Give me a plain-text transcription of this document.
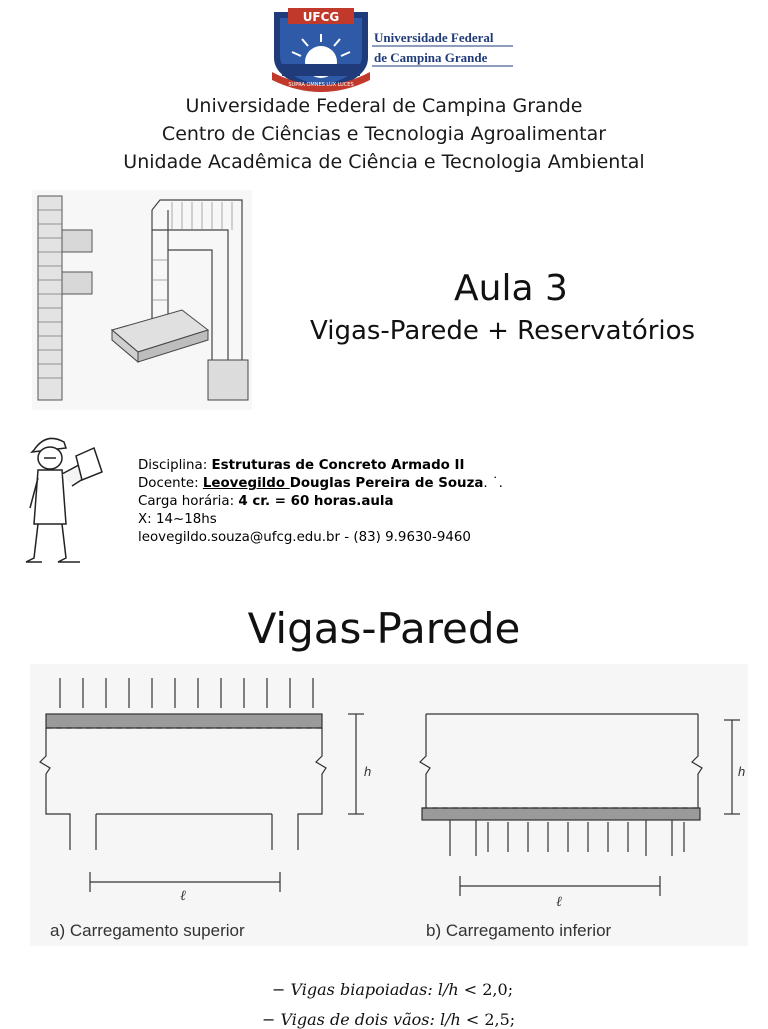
SUPRA OMNES LUX LUCES
UFCG
Universidade Federal
de Campina Grande
Universidade Federal de Campina Grande
Centro de Ciências e Tecnologia Agroalimentar
Unidade Acadêmica de Ciência e Tecnologia Ambiental
Aula 3
Vigas-Parede + Reservatórios
Disciplina: Estruturas de Concreto Armado II
Docente: Leovegildo Douglas Pereira de Souza. ˙.
Carga horária: 4 cr. = 60 horas.aula
X: 14~18hs
leovegildo.souza@ufcg.edu.br - (83) 9.9630-9460
Vigas-Parede
h	h
ℓ	ℓ
a) Carregamento superior	b) Carregamento inferior
− Vigas biapoiadas: l/h < 2,0;
− Vigas de dois vãos: l/h < 2,5;
